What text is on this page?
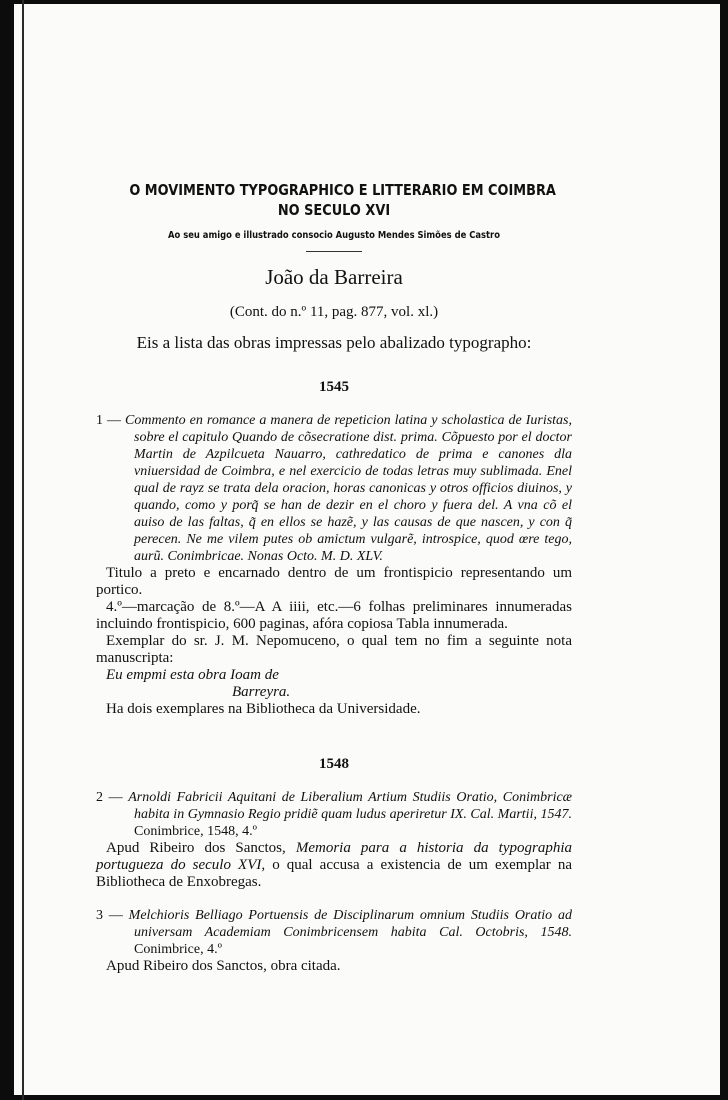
O MOVIMENTO TYPOGRAPHICO E LITTERARIO EM COIMBRA
NO SECULO XVI
Ao seu amigo e illustrado consocio Augusto Mendes Simões de Castro
João da Barreira
(Cont. do n.º 11, pag. 877, vol. xl.)
Eis a lista das obras impressas pelo abalizado typographo:
1545
1 — Commento en romance a manera de repeticion latina y scholastica de Iuristas, sobre el capitulo Quando de cõsecratione dist. prima. Cõpuesto por el doctor Martin de Azpilcueta Nauarro, cathredatico de prima e canones dla vniuersidad de Coimbra, e nel exercicio de todas letras muy sublimada. Enel qual de rayz se trata dela oracion, horas canonicas y otros officios diuinos, y quando, como y porq̃ se han de dezir en el choro y fuera del. A vna cõ el auiso de las faltas, q̃ en ellos se hazẽ, y las causas de que nascen, y con q̃ perecen. Ne me vilem putes ob amictum vulgarẽ, introspice, quod œre tego, aurũ. Conimbricae. Nonas Octo. M. D. XLV.
Titulo a preto e encarnado dentro de um frontispicio representando um portico.
4.º—marcação de 8.º—A A iiii, etc.—6 folhas preliminares innumeradas incluindo frontispicio, 600 paginas, afóra copiosa Tabla innumerada.
Exemplar do sr. J. M. Nepomuceno, o qual tem no fim a seguinte nota manuscripta:
Eu empmi esta obra Ioam de
Barreyra.
Ha dois exemplares na Bibliotheca da Universidade.
1548
2 — Arnoldi Fabricii Aquitani de Liberalium Artium Studiis Oratio, Conimbricæ habita in Gymnasio Regio pridiẽ quam ludus aperiretur IX. Cal. Martii, 1547. Conimbrice, 1548, 4.º
Apud Ribeiro dos Sanctos, Memoria para a historia da typographia portugueza do seculo XVI, o qual accusa a existencia de um exemplar na Bibliotheca de Enxobregas.
3 — Melchioris Belliago Portuensis de Disciplinarum omnium Studiis Oratio ad universam Academiam Conimbricensem habita Cal. Octobris, 1548. Conimbrice, 4.º
Apud Ribeiro dos Sanctos, obra citada.
